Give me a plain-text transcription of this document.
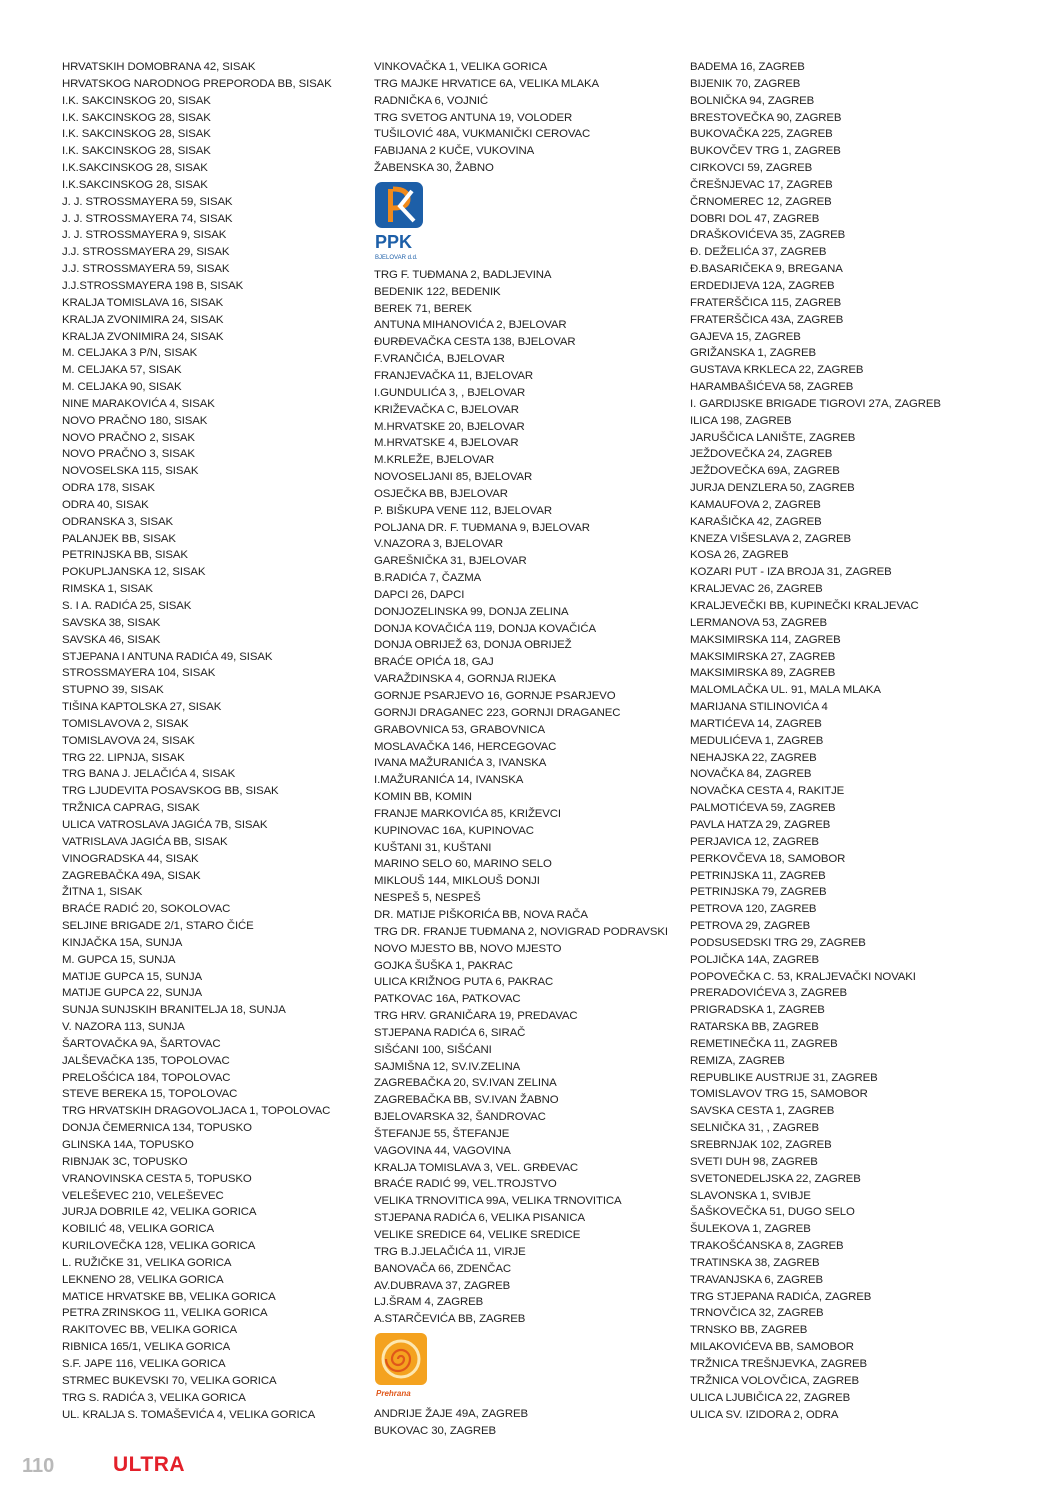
HRVATSKIH DOMOBRANA 42, SISAK
HRVATSKOG NARODNOG PREPORODA BB, SISAK
I.K. SAKCINSKOG 20, SISAK
I.K. SAKCINSKOG 28, SISAK
I.K. SAKCINSKOG 28, SISAK
I.K. SAKCINSKOG 28, SISAK
I.K.SAKCINSKOG 28, SISAK
I.K.SAKCINSKOG 28, SISAK
J. J. STROSSMAYERA 59, SISAK
J. J. STROSSMAYERA 74, SISAK
J. J. STROSSMAYERA 9, SISAK
J.J. STROSSMAYERA 29, SISAK
J.J. STROSSMAYERA 59, SISAK
J.J.STROSSMAYERA 198 B, SISAK
KRALJA TOMISLAVA 16, SISAK
KRALJA ZVONIMIRA 24, SISAK
KRALJA ZVONIMIRA 24, SISAK
M. CELJAKA 3 P/N, SISAK
M. CELJAKA 57, SISAK
M. CELJAKA 90, SISAK
NINE MARAKOVIĆA 4, SISAK
NOVO PRAČNO 180, SISAK
NOVO PRAČNO 2, SISAK
NOVO PRAČNO 3, SISAK
NOVOSELSKA 115, SISAK
ODRA 178, SISAK
ODRA 40, SISAK
ODRANSKA 3, SISAK
PALANJEK BB, SISAK
PETRINJSKA BB, SISAK
POKUPLJANSKA 12, SISAK
RIMSKA 1, SISAK
S. I A. RADIĆA 25, SISAK
SAVSKA 38, SISAK
SAVSKA 46, SISAK
STJEPANA I ANTUNA RADIĆA 49, SISAK
STROSSMAYERA 104, SISAK
STUPNO 39, SISAK
TIŠINA KAPTOLSKA 27, SISAK
TOMISLAVOVA 2, SISAK
TOMISLAVOVA 24, SISAK
TRG 22. LIPNJA, SISAK
TRG BANA J. JELAČIĆA 4, SISAK
TRG LJUDEVITA POSAVSKOG BB, SISAK
TRŽNICA CAPRAG, SISAK
ULICA VATROSLAVA JAGIĆA 7B, SISAK
VATRISLAVA JAGIĆA BB, SISAK
VINOGRADSKA 44, SISAK
ZAGREBAČKA 49A, SISAK
ŽITNA 1, SISAK
BRAĆE RADIĆ 20, SOKOLOVAC
SELJINE BRIGADE 2/1, STARO ČIĆE
KINJAČKA 15A, SUNJA
M. GUPCA 15, SUNJA
MATIJE GUPCA 15, SUNJA
MATIJE GUPCA 22, SUNJA
SUNJA SUNJSKIH BRANITELJA 18, SUNJA
V. NAZORA 113, SUNJA
ŠARTOVAČKA 9A, ŠARTOVAC
JALŠEVAČKA 135, TOPOLOVAC
PRELOŠĆICA 184, TOPOLOVAC
STEVE BEREKA 15, TOPOLOVAC
TRG HRVATSKIH DRAGOVOLJACA 1, TOPOLOVAC
DONJA ČEMERNICA 134, TOPUSKO
GLINSKA 14A, TOPUSKO
RIBNJAK 3C, TOPUSKO
VRANOVINSKA CESTA 5, TOPUSKO
VELEŠEVEC 210, VELEŠEVEC
JURJA DOBRILE 42, VELIKA GORICA
KOBILIĆ 48, VELIKA GORICA
KURILOVEČKA 128, VELIKA GORICA
L. RUŽIČKE 31, VELIKA GORICA
LEKNENO 28, VELIKA GORICA
MATICE HRVATSKE BB, VELIKA GORICA
PETRA ZRINSKOG 11, VELIKA GORICA
RAKITOVEC BB, VELIKA GORICA
RIBNICA 165/1, VELIKA GORICA
S.F. JAPE 116, VELIKA GORICA
STRMEC BUKEVSKI 70, VELIKA GORICA
TRG S. RADIĆA 3, VELIKA GORICA
UL. KRALJA S. TOMAŠEVIĆA 4, VELIKA GORICA
VINKOVAČKA 1, VELIKA GORICA
TRG MAJKE HRVATICE 6A, VELIKA MLAKA
RADNIČKA 6, VOJNIĆ
TRG SVETOG ANTUNA 19, VOLODER
TUŠILOVIĆ 48A, VUKMANIČKI CEROVAC
FABIJANA 2 KUČE, VUKOVINA
ŽABENSKA 30, ŽABNO
PPK
BJELOVAR d.d.
TRG F. TUĐMANA 2, BADLJEVINA
BEDENIK 122, BEDENIK
BEREK 71, BEREK
ANTUNA MIHANOVIĆA 2, BJELOVAR
ĐURĐEVAČKA CESTA 138, BJELOVAR
F.VRANČIĆA, BJELOVAR
FRANJEVAČKA 11, BJELOVAR
I.GUNDULIĆA 3, , BJELOVAR
KRIŽEVAČKA C, BJELOVAR
M.HRVATSKE 20, BJELOVAR
M.HRVATSKE 4, BJELOVAR
M.KRLEŽE, BJELOVAR
NOVOSELJANI 85, BJELOVAR
OSJEČKA BB, BJELOVAR
P. BIŠKUPA VENE 112, BJELOVAR
POLJANA DR. F. TUĐMANA 9, BJELOVAR
V.NAZORA 3, BJELOVAR
GAREŠNIČKA 31, BJELOVAR
B.RADIĆA 7, ČAZMA
DAPCI 26, DAPCI
DONJOZELINSKA 99, DONJA ZELINA
DONJA KOVAČIĆA 119, DONJA KOVAČIĆA
DONJA OBRIJEŽ 63, DONJA OBRIJEŽ
BRAĆE OPIĆA 18, GAJ
VARAŽDINSKA 4, GORNJA RIJEKA
GORNJE PSARJEVO 16, GORNJE PSARJEVO
GORNJI DRAGANEC 223, GORNJI DRAGANEC
GRABOVNICA 53, GRABOVNICA
MOSLAVAČKA 146, HERCEGOVAC
IVANA MAŽURANIĆA 3, IVANSKA
I.MAŽURANIĆA 14, IVANSKA
KOMIN BB, KOMIN
FRANJE MARKOVIĆA 85, KRIŽEVCI
KUPINOVAC 16A, KUPINOVAC
KUŠTANI 31, KUŠTANI
MARINO SELO 60, MARINO SELO
MIKLOUŠ 144, MIKLOUŠ DONJI
NESPEŠ 5, NESPEŠ
DR. MATIJE PIŠKORIĆA BB, NOVA RAČA
TRG DR. FRANJE TUĐMANA 2, NOVIGRAD PODRAVSKI
NOVO MJESTO BB, NOVO MJESTO
GOJKA ŠUŠKA 1, PAKRAC
ULICA KRIŽNOG PUTA 6, PAKRAC
PATKOVAC 16A, PATKOVAC
TRG HRV. GRANIČARA 19, PREDAVAC
STJEPANA RADIĆA 6, SIRAČ
SIŠĆANI 100, SIŠĆANI
SAJMIŠNA 12, SV.IV.ZELINA
ZAGREBAČKA 20, SV.IVAN ZELINA
ZAGREBAČKA BB, SV.IVAN ŽABNO
BJELOVARSKA 32, ŠANDROVAC
ŠTEFANJE 55, ŠTEFANJE
VAGOVINA 44, VAGOVINA
KRALJA TOMISLAVA 3, VEL. GRĐEVAC
BRAĆE RADIĆ 99, VEL.TROJSTVO
VELIKA TRNOVITICA 99A, VELIKA TRNOVITICA
STJEPANA RADIĆA 6, VELIKA PISANICA
VELIKE SREDICE 64, VELIKE SREDICE
TRG B.J.JELAČIĆA 11, VIRJE
BANOVAČA 66, ZDENČAC
AV.DUBRAVA 37, ZAGREB
LJ.ŠRAM 4, ZAGREB
A.STARČEVIĆA BB, ZAGREB
Prehrana
ANDRIJE ŽAJE 49A, ZAGREB
BUKOVAC 30, ZAGREB
BADEMA 16, ZAGREB
BIJENIK 70, ZAGREB
BOLNIČKA 94, ZAGREB
BRESTOVEČKA 90, ZAGREB
BUKOVAČKA 225, ZAGREB
BUKOVČEV TRG 1, ZAGREB
CIRKOVCI 59, ZAGREB
ČREŠNJEVAC 17, ZAGREB
ČRNOMEREC 12, ZAGREB
DOBRI DOL 47, ZAGREB
DRAŠKOVIĆEVA 35, ZAGREB
Đ. DEŽELIĆA 37, ZAGREB
Đ.BASARIČEKA 9, BREGANA
ERDEDIJEVA 12A, ZAGREB
FRATERŠČICA 115, ZAGREB
FRATERŠČICA 43A, ZAGREB
GAJEVA 15, ZAGREB
GRIŽANSKA 1, ZAGREB
GUSTAVA KRKLECA 22, ZAGREB
HARAMBAŠIĆEVA 58, ZAGREB
I. GARDIJSKE BRIGADE TIGROVI 27A, ZAGREB
ILICA 198, ZAGREB
JARUŠČICA LANIŠTE, ZAGREB
JEŽDOVEČKA 24, ZAGREB
JEŽDOVEČKA 69A, ZAGREB
JURJA DENZLERA 50, ZAGREB
KAMAUFOVA 2, ZAGREB
KARAŠIČKA 42, ZAGREB
KNEZA VIŠESLAVA 2, ZAGREB
KOSA 26, ZAGREB
KOZARI PUT - IZA BROJA 31, ZAGREB
KRALJEVAC 26, ZAGREB
KRALJEVEČKI BB, KUPINEČKI KRALJEVAC
LERMANOVA 53, ZAGREB
MAKSIMIRSKA 114, ZAGREB
MAKSIMIRSKA 27, ZAGREB
MAKSIMIRSKA 89, ZAGREB
MALOMLAČKA UL. 91, MALA MLAKA
MARIJANA STILINOVIĆA 4
MARTIĆEVA 14, ZAGREB
MEDULIĆEVA 1, ZAGREB
NEHAJSKA 22, ZAGREB
NOVAČKA 84, ZAGREB
NOVAČKA CESTA 4, RAKITJE
PALMOTIĆEVA 59, ZAGREB
PAVLA HATZA 29, ZAGREB
PERJAVICA 12, ZAGREB
PERKOVČEVA 18, SAMOBOR
PETRINJSKA 11, ZAGREB
PETRINJSKA 79, ZAGREB
PETROVA 120, ZAGREB
PETROVA 29, ZAGREB
PODSUSEDSKI TRG 29, ZAGREB
POLJIČKA 14A, ZAGREB
POPOVEČKA C. 53, KRALJEVAČKI NOVAKI
PRERADOVIĆEVA 3, ZAGREB
PRIGRADSKA 1, ZAGREB
RATARSKA BB, ZAGREB
REMETINEČKA 11, ZAGREB
REMIZA, ZAGREB
REPUBLIKE AUSTRIJE 31, ZAGREB
TOMISLAVOV TRG 15, SAMOBOR
SAVSKA CESTA 1, ZAGREB
SELNIČKA 31, , ZAGREB
SREBRNJAK 102, ZAGREB
SVETI DUH 98, ZAGREB
SVETONEDELJSKA 22, ZAGREB
SLAVONSKA 1, SVIBJE
ŠAŠKOVEČKA 51, DUGO SELO
ŠULEKOVA 1, ZAGREB
TRAKOŠĆANSKA 8, ZAGREB
TRATINSKA 38, ZAGREB
TRAVANJSKA 6, ZAGREB
TRG STJEPANA RADIĆA, ZAGREB
TRNOVČICA 32, ZAGREB
TRNSKO BB, ZAGREB
MILAKOVIĆEVA BB, SAMOBOR
TRŽNICA TREŠNJEVKA, ZAGREB
TRŽNICA VOLOVČICA, ZAGREB
ULICA LJUBIČICA 22, ZAGREB
ULICA SV. IZIDORA 2, ODRA
110	ULTRA
